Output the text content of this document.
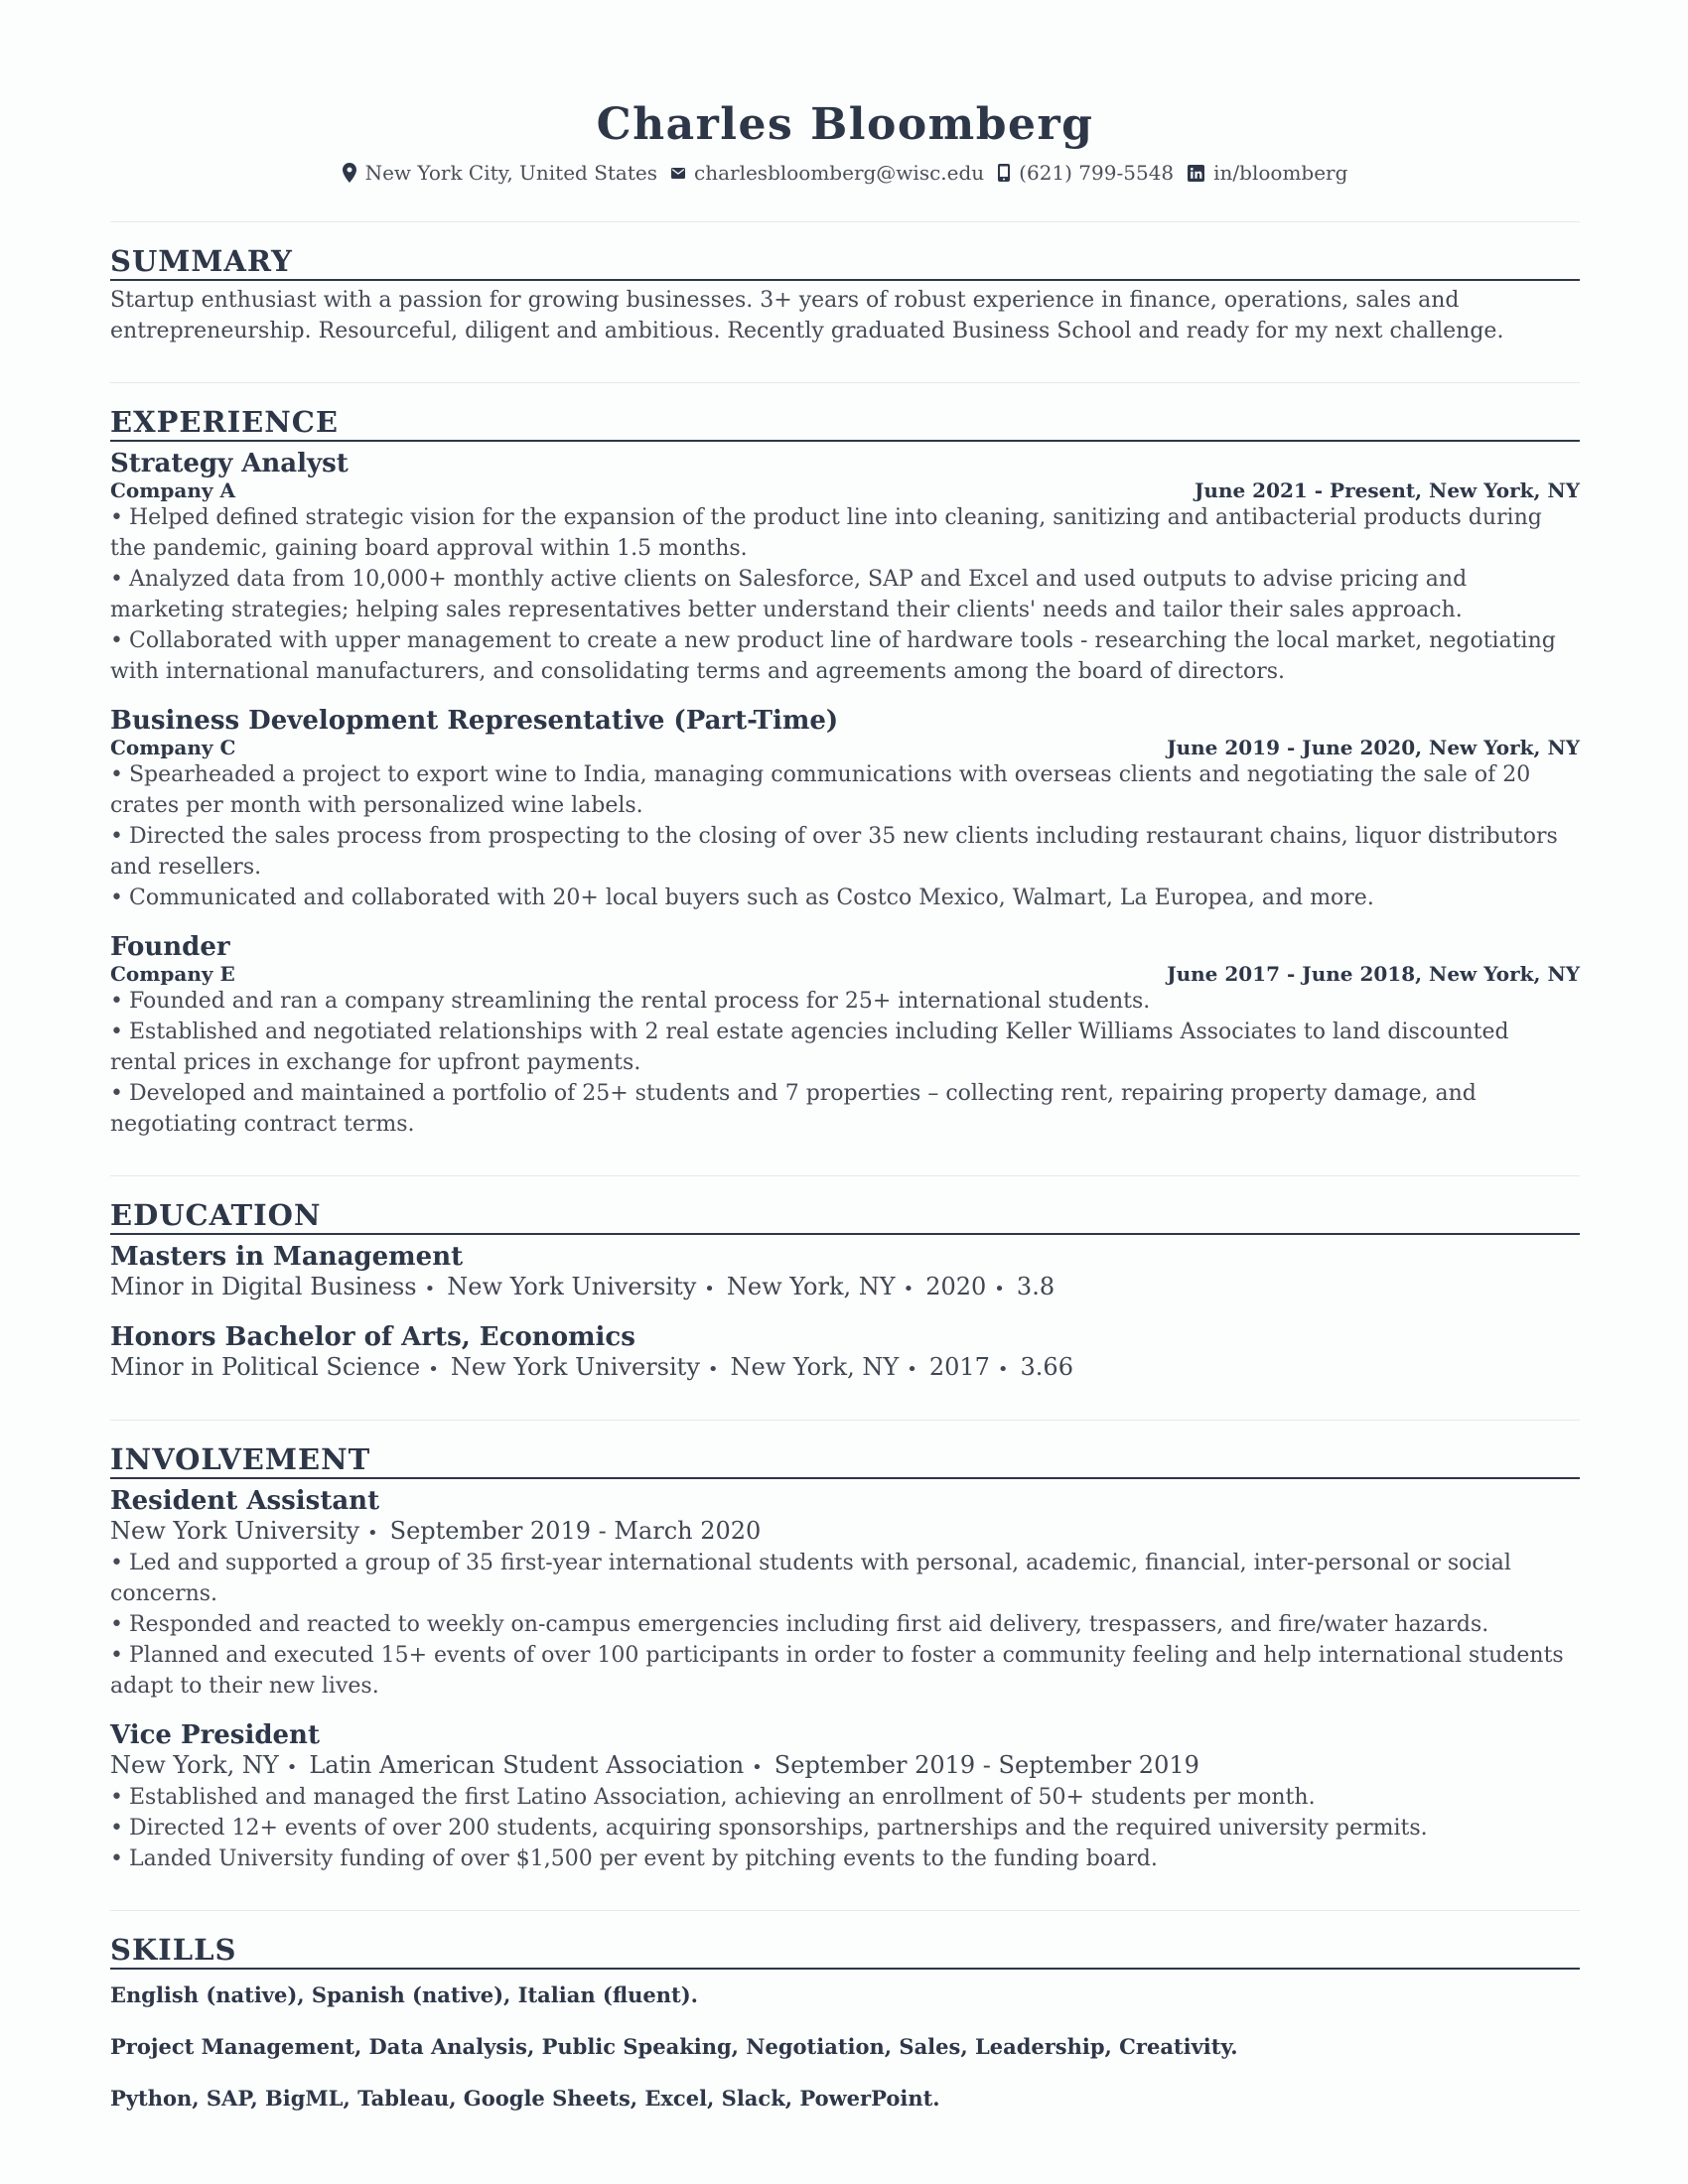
Charles Bloomberg
New York City, United States charlesbloomberg@wisc.edu (621) 799-5548 in/bloomberg
SUMMARY
Startup enthusiast with a passion for growing businesses. 3+ years of robust experience in finance, operations, sales and entrepreneurship. Resourceful, diligent and ambitious. Recently graduated Business School and ready for my next challenge.
EXPERIENCE
Strategy Analyst
Company A	June 2021 - Present, New York, NY
• Helped defined strategic vision for the expansion of the product line into cleaning, sanitizing and antibacterial products during the pandemic, gaining board approval within 1.5 months.
• Analyzed data from 10,000+ monthly active clients on Salesforce, SAP and Excel and used outputs to advise pricing and marketing strategies; helping sales representatives better understand their clients' needs and tailor their sales approach.
• Collaborated with upper management to create a new product line of hardware tools - researching the local market, negotiating with international manufacturers, and consolidating terms and agreements among the board of directors.
Business Development Representative (Part-Time)
Company C	June 2019 - June 2020, New York, NY
• Spearheaded a project to export wine to India, managing communications with overseas clients and negotiating the sale of 20 crates per month with personalized wine labels.
• Directed the sales process from prospecting to the closing of over 35 new clients including restaurant chains, liquor distributors and resellers.
• Communicated and collaborated with 20+ local buyers such as Costco Mexico, Walmart, La Europea, and more.
Founder
Company E	June 2017 - June 2018, New York, NY
• Founded and ran a company streamlining the rental process for 25+ international students.
• Established and negotiated relationships with 2 real estate agencies including Keller Williams Associates to land discounted rental prices in exchange for upfront payments.
• Developed and maintained a portfolio of 25+ students and 7 properties – collecting rent, repairing property damage, and negotiating contract terms.
EDUCATION
Masters in Management
Minor in Digital Business • New York University • New York, NY • 2020 • 3.8
Honors Bachelor of Arts, Economics
Minor in Political Science • New York University • New York, NY • 2017 • 3.66
INVOLVEMENT
Resident Assistant
New York University • September 2019 - March 2020
• Led and supported a group of 35 first-year international students with personal, academic, financial, inter-personal or social concerns.
• Responded and reacted to weekly on-campus emergencies including first aid delivery, trespassers, and fire/water hazards.
• Planned and executed 15+ events of over 100 participants in order to foster a community feeling and help international students adapt to their new lives.
Vice President
New York, NY • Latin American Student Association • September 2019 - September 2019
• Established and managed the first Latino Association, achieving an enrollment of 50+ students per month.
• Directed 12+ events of over 200 students, acquiring sponsorships, partnerships and the required university permits.
• Landed University funding of over $1,500 per event by pitching events to the funding board.
SKILLS
English (native), Spanish (native), Italian (fluent).
Project Management, Data Analysis, Public Speaking, Negotiation, Sales, Leadership, Creativity.
Python, SAP, BigML, Tableau, Google Sheets, Excel, Slack, PowerPoint.
